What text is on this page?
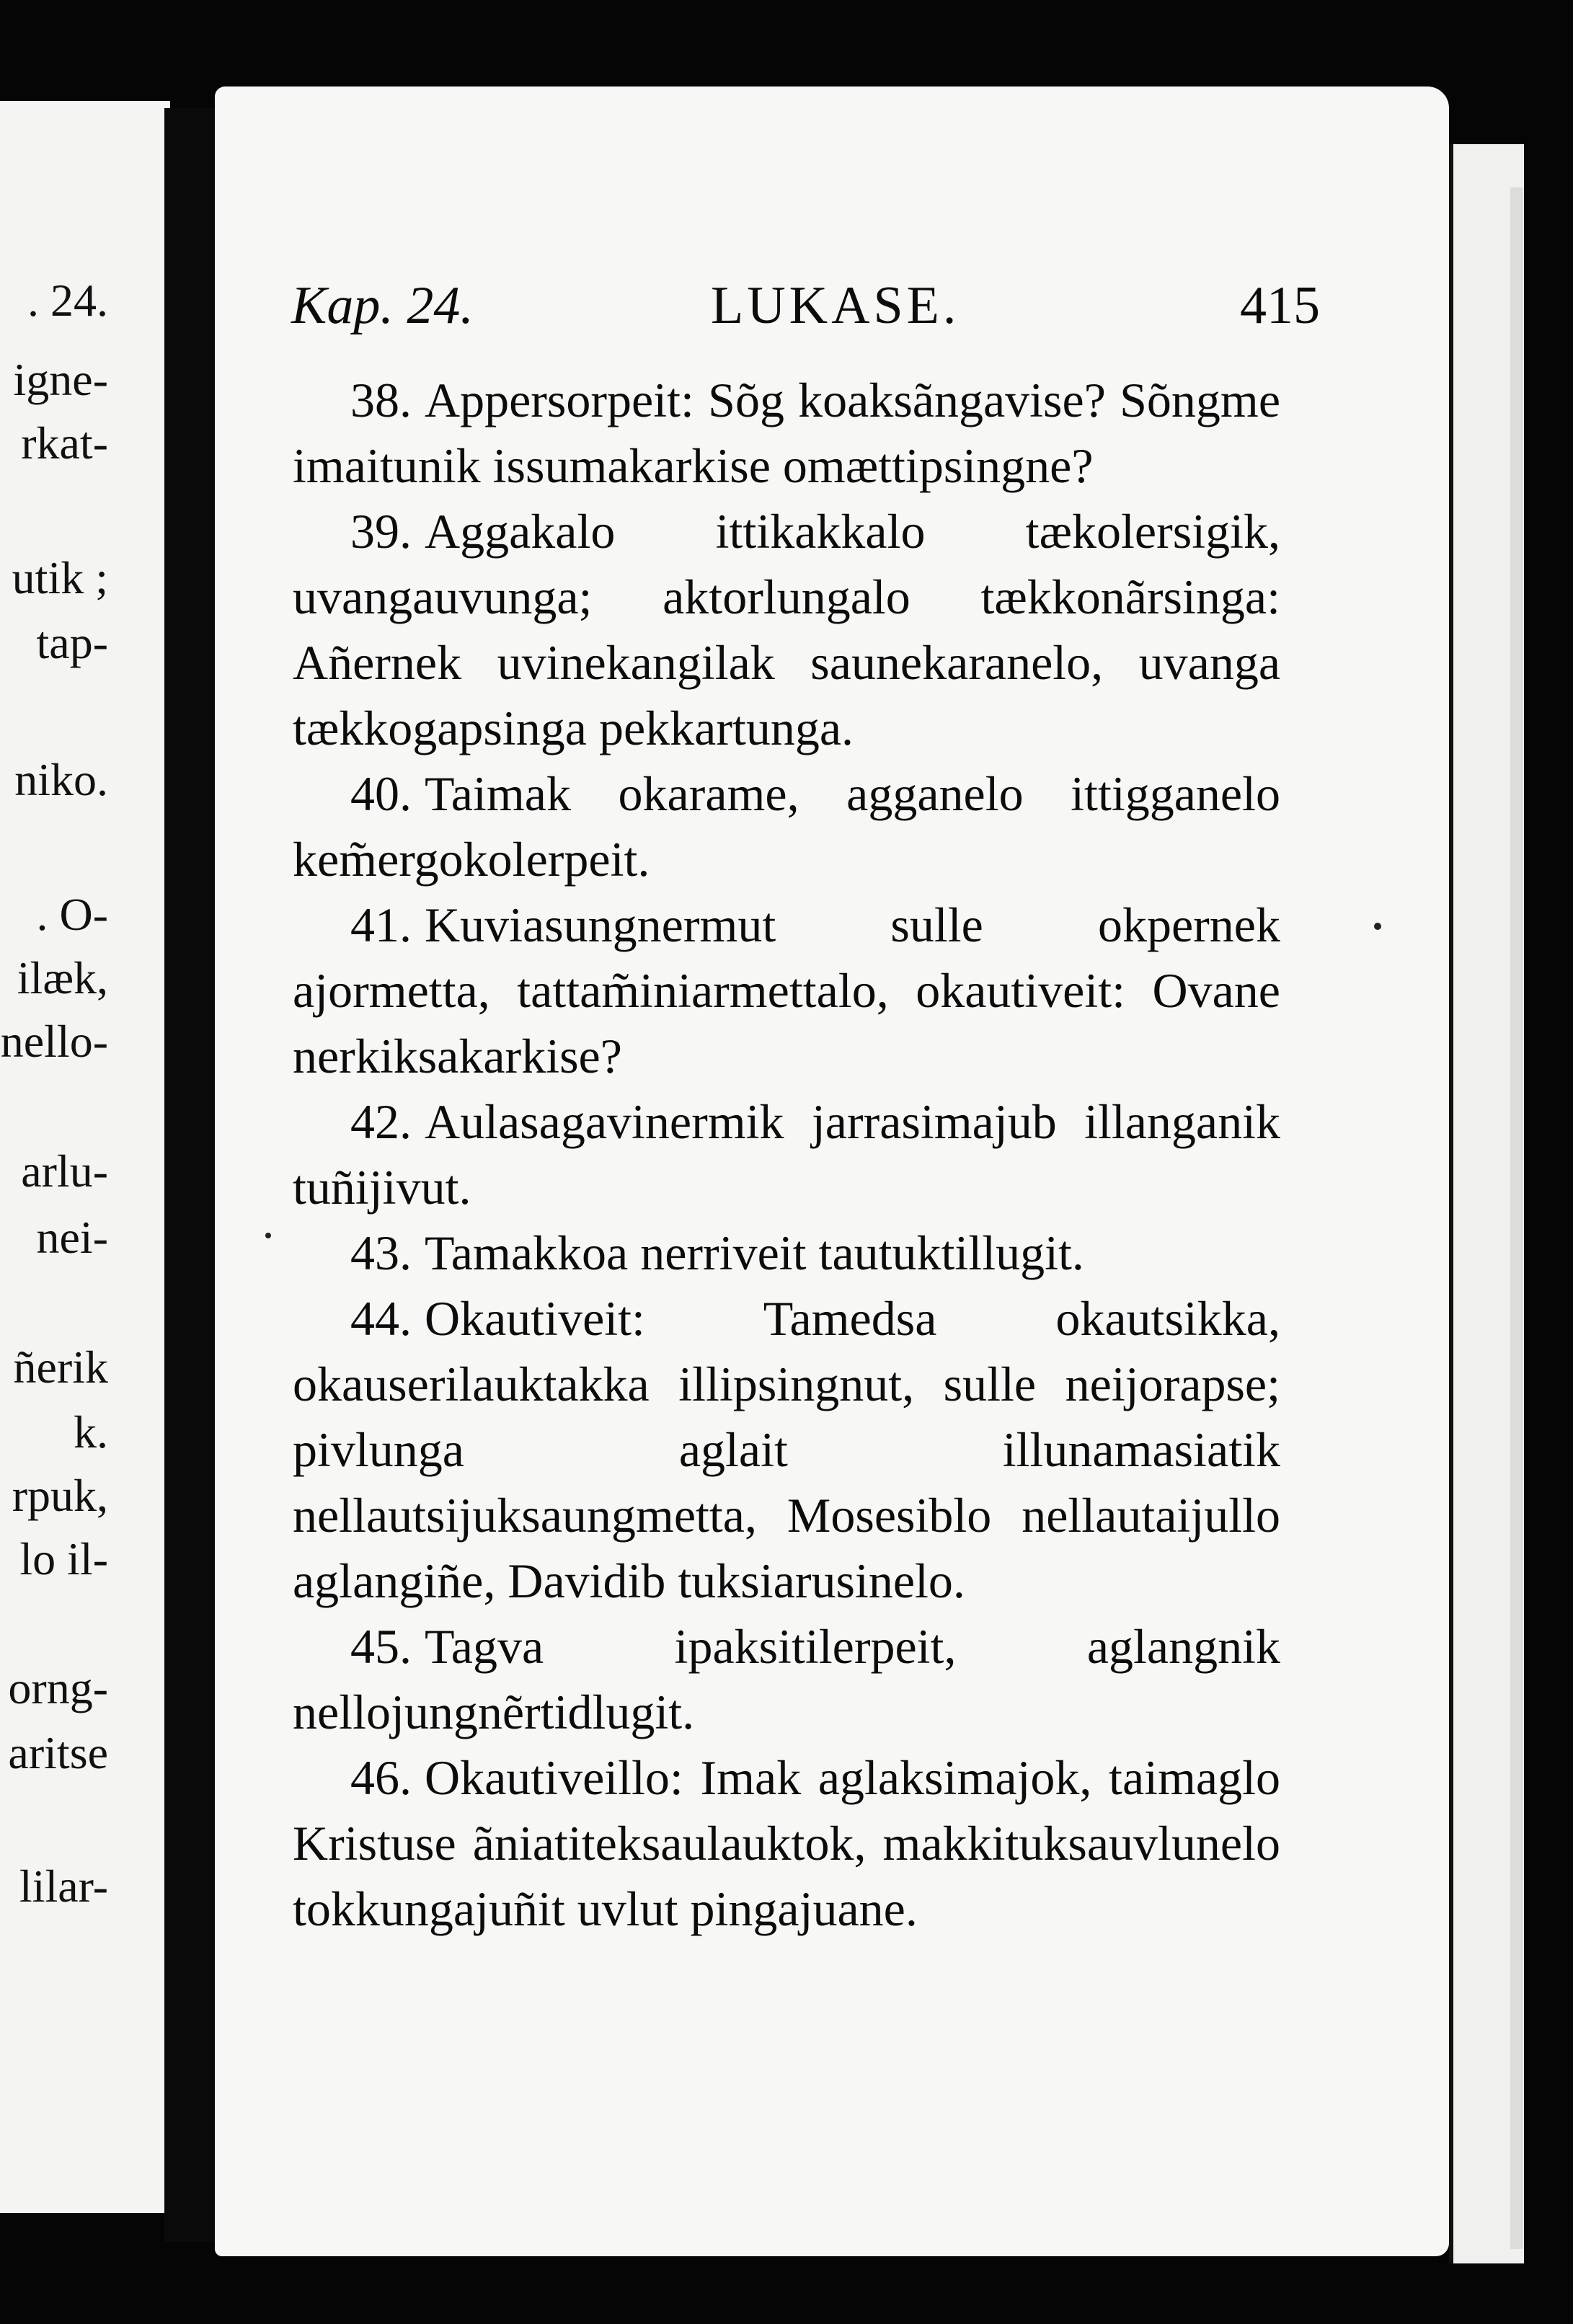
. 24.
igne-
rkat-
utik ;
tap-
niko.
. O-
ilæk,
nello-
arlu-
nei-
ñerik
k.
rpuk,
lo il-
orng-
aritse
lilar-
Kap. 24.	LUKASE.	415

38. Appersorpeit: Sõg koaksãngavise? Sõngme imaitunik issumakarkise omættipsingne?

39. Aggakalo ittikakkalo tækolersigik, uvangauvunga; aktorlungalo tækkonãrsinga: Añernek uvinekangilak saunekaranelo, uvanga tækkogapsinga pekkartunga.

40. Taimak okarame, agganelo ittigganelo kem̃ergokolerpeit.

41. Kuviasungnermut sulle okpernek ajormetta, tattam̃iniarmettalo, okautiveit: Ovane nerkiksakarkise?

42. Aulasagavinermik jarrasimajub illanganik tuñijivut.

43. Tamakkoa nerriveit tautuktillugit.

44. Okautiveit: Tamedsa okautsikka, okauserilauktakka illipsingnut, sulle neijorapse; pivlunga aglait illunamasiatik nellautsijuksaungmetta, Mosesiblo nellautaijullo aglangiñe, Davidib tuksiarusinelo.

45. Tagva ipaksitilerpeit, aglangnik nellojungnẽrtidlugit.

46. Okautiveillo: Imak aglaksimajok, taimaglo Kristuse ãniatiteksaulauktok, makkituksauvlunelo tokkungajuñit uvlut pingajuane.
